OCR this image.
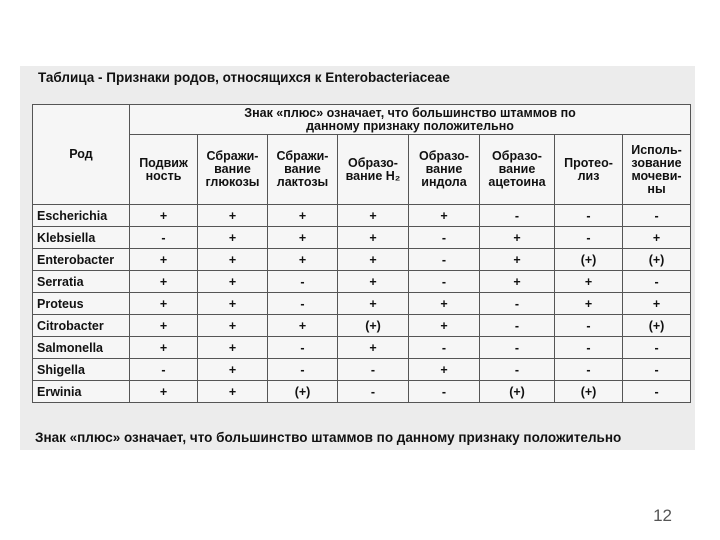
Таблица - Признаки родов, относящихся к Enterobacteriaceae
Род	Знак «плюс» означает, что большинство штаммов по данному признаку положительно							
	Подвиж ность	Сбражи- вание глюкозы	Сбражи- вание лактозы	Образо- вание H₂	Образо- вание индола	Образо- вание ацетоина	Протео- лиз	Исполь- зование мочеви- ны
Escherichia	+	+	+	+	+	-	-	-
Klebsiella	-	+	+	+	-	+	-	+
Enterobacter	+	+	+	+	-	+	(+)	(+)
Serratia	+	+	-	+	-	+	+	-
Proteus	+	+	-	+	+	-	+	+
Citrobacter	+	+	+	(+)	+	-	-	(+)
Salmonella	+	+	-	+	-	-	-	-
Shigella	-	+	-	-	+	-	-	-
Erwinia	+	+	(+)	-	-	(+)	(+)	-
Знак «плюс» означает, что большинство штаммов по данному признаку положительно
12
